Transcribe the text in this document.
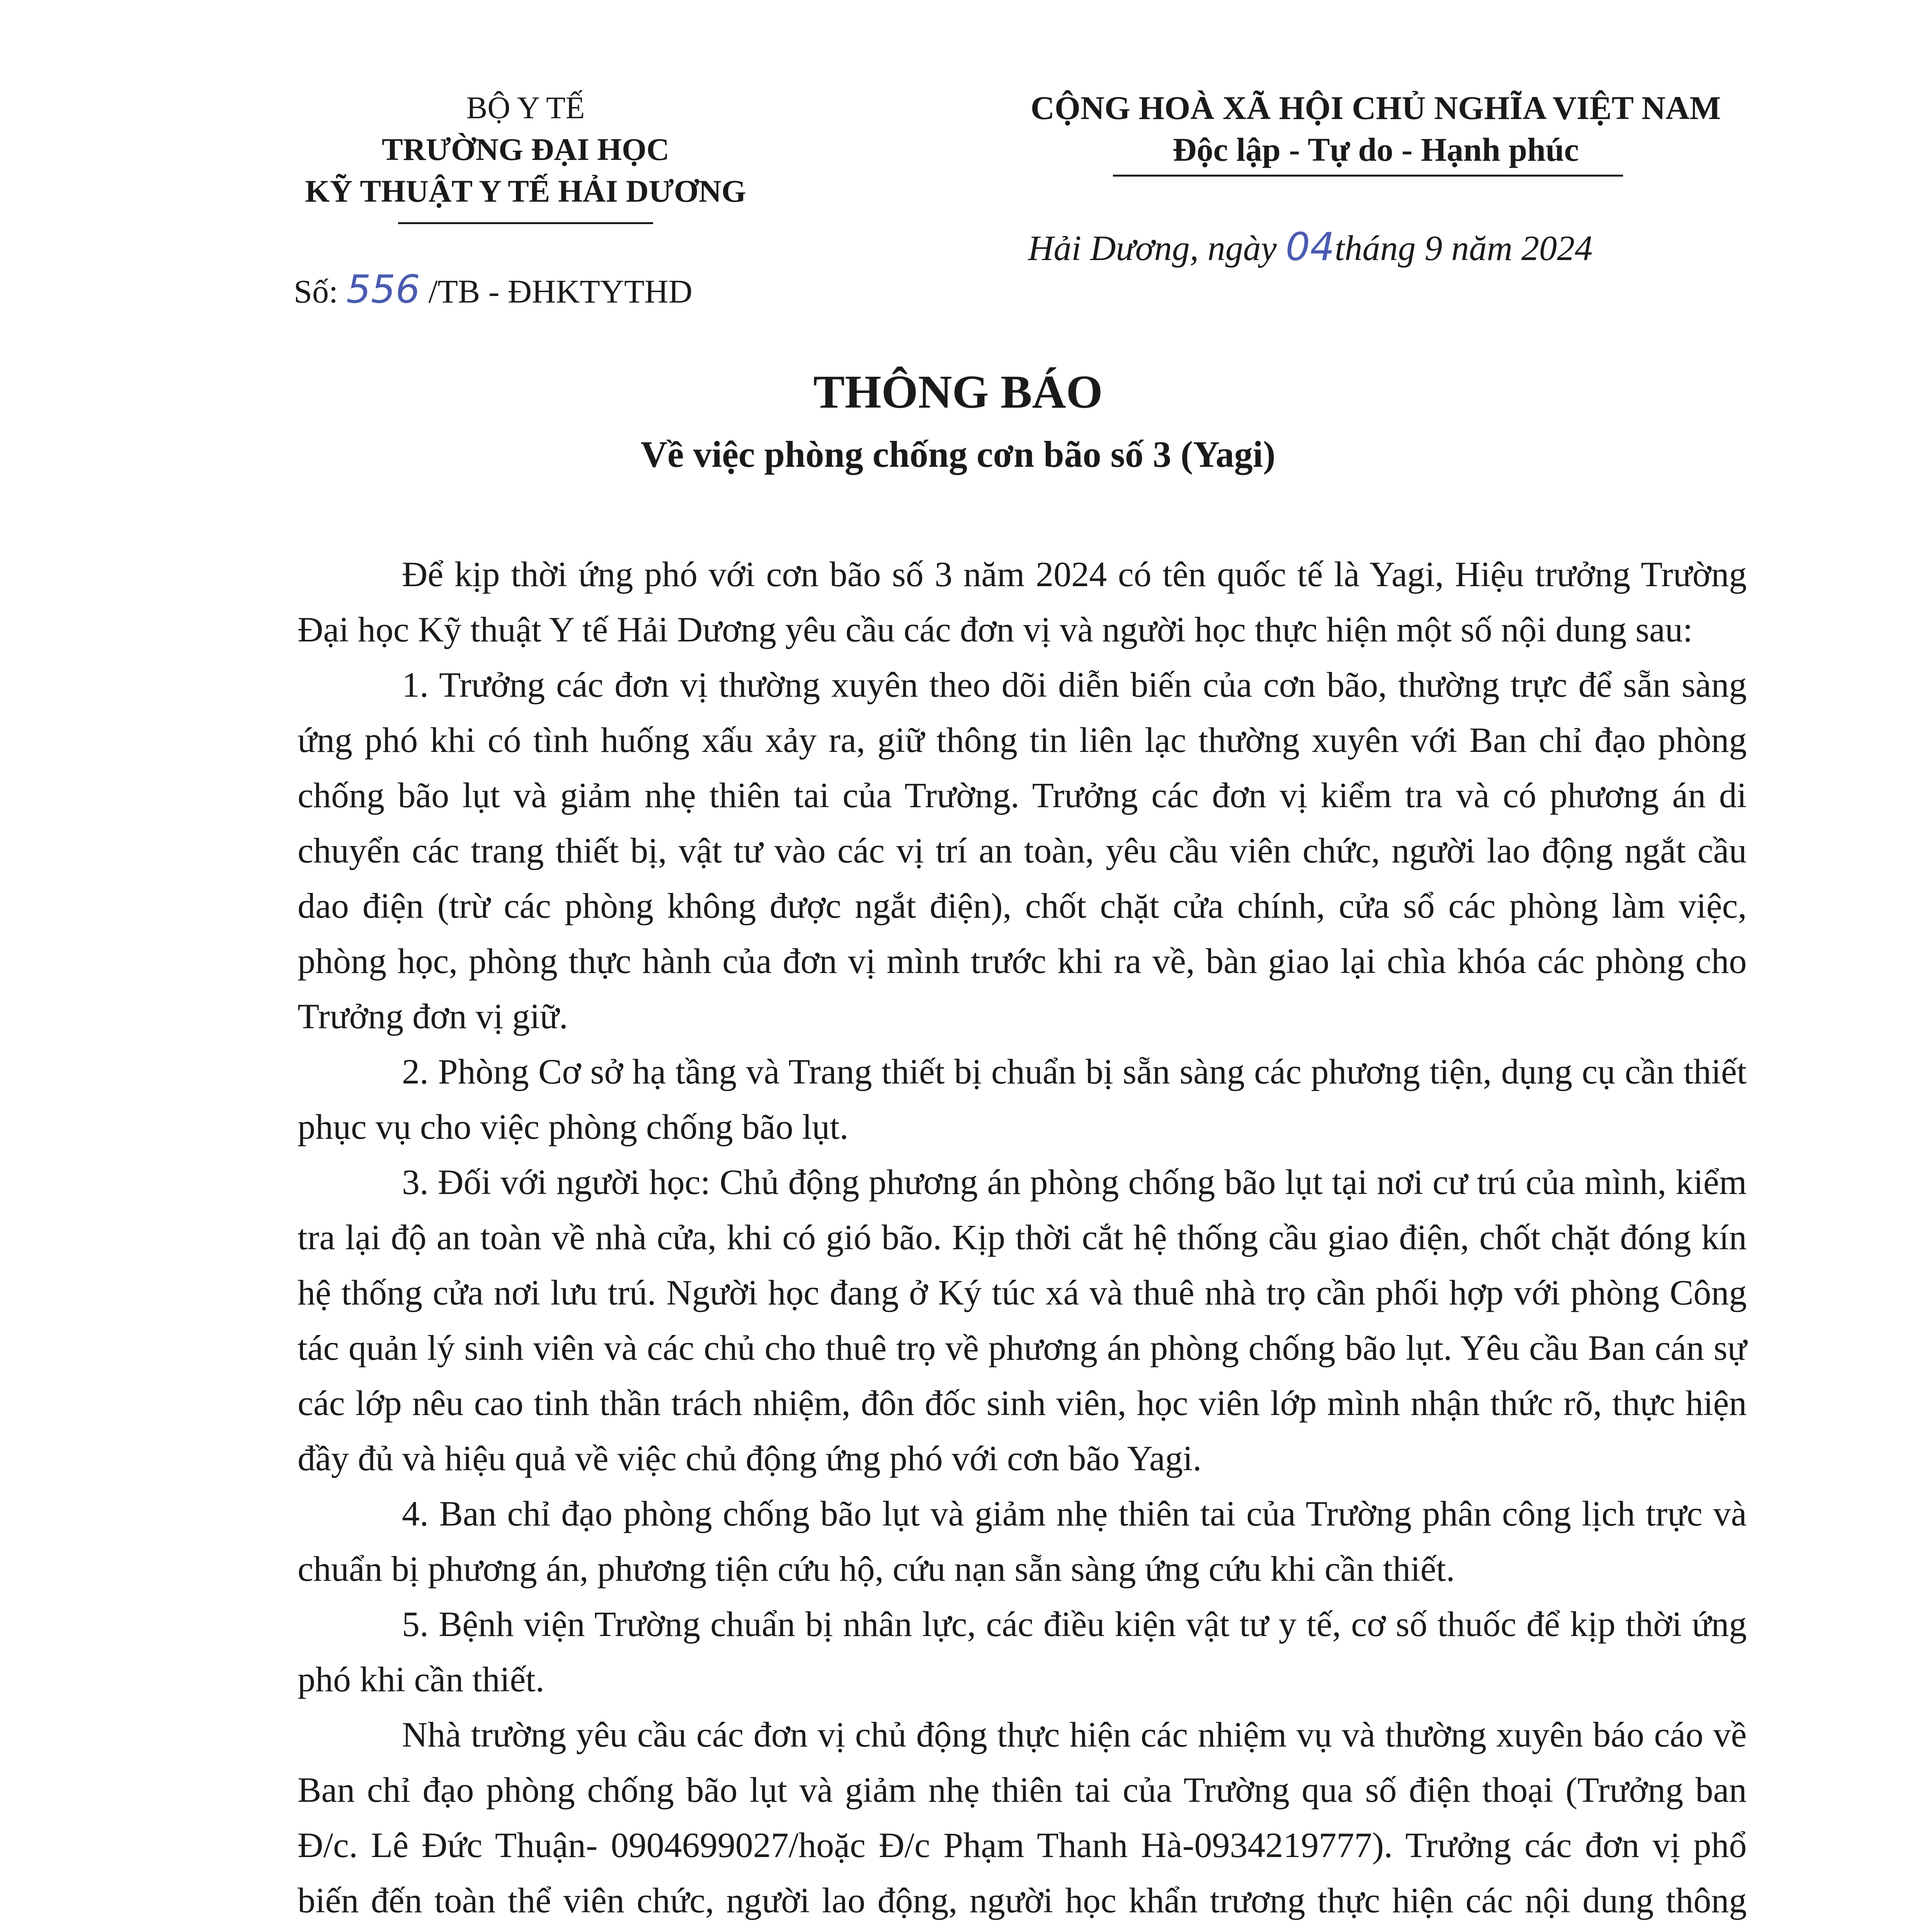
BỘ Y TẾ
TRƯỜNG ĐẠI HỌC
KỸ THUẬT Y TẾ HẢI DƯƠNG
CỘNG HOÀ XÃ HỘI CHỦ NGHĨA VIỆT NAM
Độc lập - Tự do - Hạnh phúc
Số: 556 /TB - ĐHKTYTHD
Hải Dương, ngày 04tháng 9 năm 2024
THÔNG BÁO
Về việc phòng chống cơn bão số 3 (Yagi)

Để kịp thời ứng phó với cơn bão số 3 năm 2024 có tên quốc tế là Yagi, Hiệu trưởng Trường Đại học Kỹ thuật Y tế Hải Dương yêu cầu các đơn vị và người học thực hiện một số nội dung sau:

1. Trưởng các đơn vị thường xuyên theo dõi diễn biến của cơn bão, thường trực để sẵn sàng ứng phó khi có tình huống xấu xảy ra, giữ thông tin liên lạc thường xuyên với Ban chỉ đạo phòng chống bão lụt và giảm nhẹ thiên tai của Trường. Trưởng các đơn vị kiểm tra và có phương án di chuyển các trang thiết bị, vật tư vào các vị trí an toàn, yêu cầu viên chức, người lao động ngắt cầu dao điện (trừ các phòng không được ngắt điện), chốt chặt cửa chính, cửa sổ các phòng làm việc, phòng học, phòng thực hành của đơn vị mình trước khi ra về, bàn giao lại chìa khóa các phòng cho Trưởng đơn vị giữ.

2. Phòng Cơ sở hạ tầng và Trang thiết bị chuẩn bị sẵn sàng các phương tiện, dụng cụ cần thiết phục vụ cho việc phòng chống bão lụt.

3. Đối với người học: Chủ động phương án phòng chống bão lụt tại nơi cư trú của mình, kiểm tra lại độ an toàn về nhà cửa, khi có gió bão. Kịp thời cắt hệ thống cầu giao điện, chốt chặt đóng kín hệ thống cửa nơi lưu trú. Người học đang ở Ký túc xá và thuê nhà trọ cần phối hợp với phòng Công tác quản lý sinh viên và các chủ cho thuê trọ về phương án phòng chống bão lụt. Yêu cầu Ban cán sự các lớp nêu cao tinh thần trách nhiệm, đôn đốc sinh viên, học viên lớp mình nhận thức rõ, thực hiện đầy đủ và hiệu quả về việc chủ động ứng phó với cơn bão Yagi.

4. Ban chỉ đạo phòng chống bão lụt và giảm nhẹ thiên tai của Trường phân công lịch trực và chuẩn bị phương án, phương tiện cứu hộ, cứu nạn sẵn sàng ứng cứu khi cần thiết.

5. Bệnh viện Trường chuẩn bị nhân lực, các điều kiện vật tư y tế, cơ số thuốc để kịp thời ứng phó khi cần thiết.

Nhà trường yêu cầu các đơn vị chủ động thực hiện các nhiệm vụ và thường xuyên báo cáo về Ban chỉ đạo phòng chống bão lụt và giảm nhẹ thiên tai của Trường qua số điện thoại (Trưởng ban Đ/c. Lê Đức Thuận- 0904699027/hoặc Đ/c Phạm Thanh Hà-0934219777). Trưởng các đơn vị phổ biến đến toàn thể viên chức, người lao động, người học khẩn trương thực hiện các nội dung thông
